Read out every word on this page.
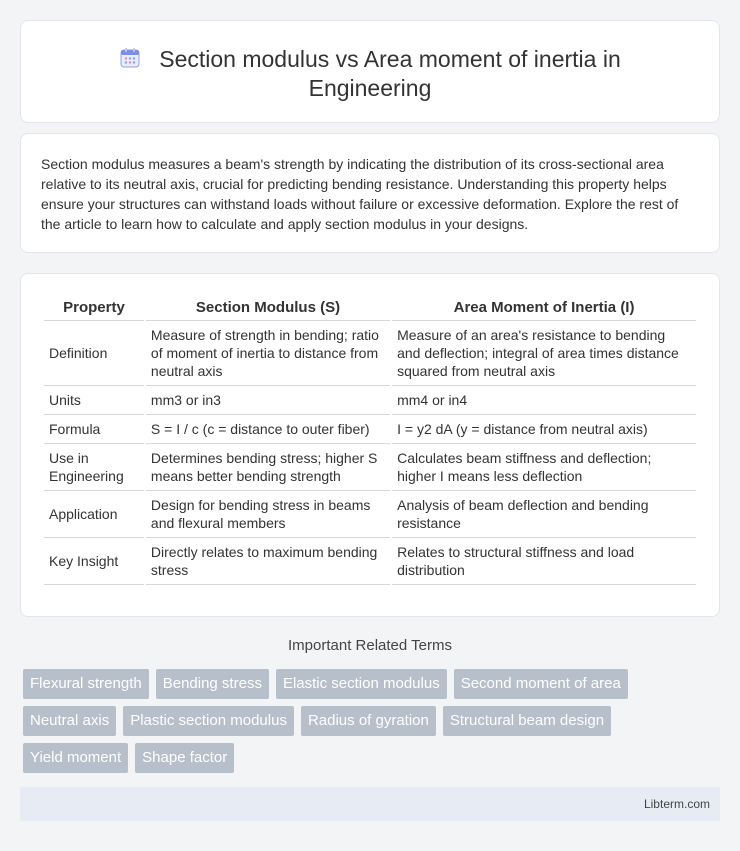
Section modulus vs Area moment of inertia in Engineering

Section modulus measures a beam's strength by indicating the distribution of its cross-sectional area relative to its neutral axis, crucial for predicting bending resistance. Understanding this property helps ensure your structures can withstand loads without failure or excessive deformation. Explore the rest of the article to learn how to calculate and apply section modulus in your designs.

Property	Section Modulus (S)	Area Moment of Inertia (I)
Definition	Measure of strength in bending; ratio of moment of inertia to distance from neutral axis	Measure of an area's resistance to bending and deflection; integral of area times distance squared from neutral axis
Units	mm3 or in3	mm4 or in4
Formula	S = I / c (c = distance to outer fiber)	I = y2 dA (y = distance from neutral axis)
Use in Engineering	Determines bending stress; higher S means better bending strength	Calculates beam stiffness and deflection; higher I means less deflection
Application	Design for bending stress in beams and flexural members	Analysis of beam deflection and bending resistance
Key Insight	Directly relates to maximum bending stress	Relates to structural stiffness and load distribution
Important Related Terms
Flexural strength	Bending stress	Elastic section modulus	Second moment of area
Neutral axis	Plastic section modulus	Radius of gyration	Structural beam design
Yield moment	Shape factor
Libterm.com
